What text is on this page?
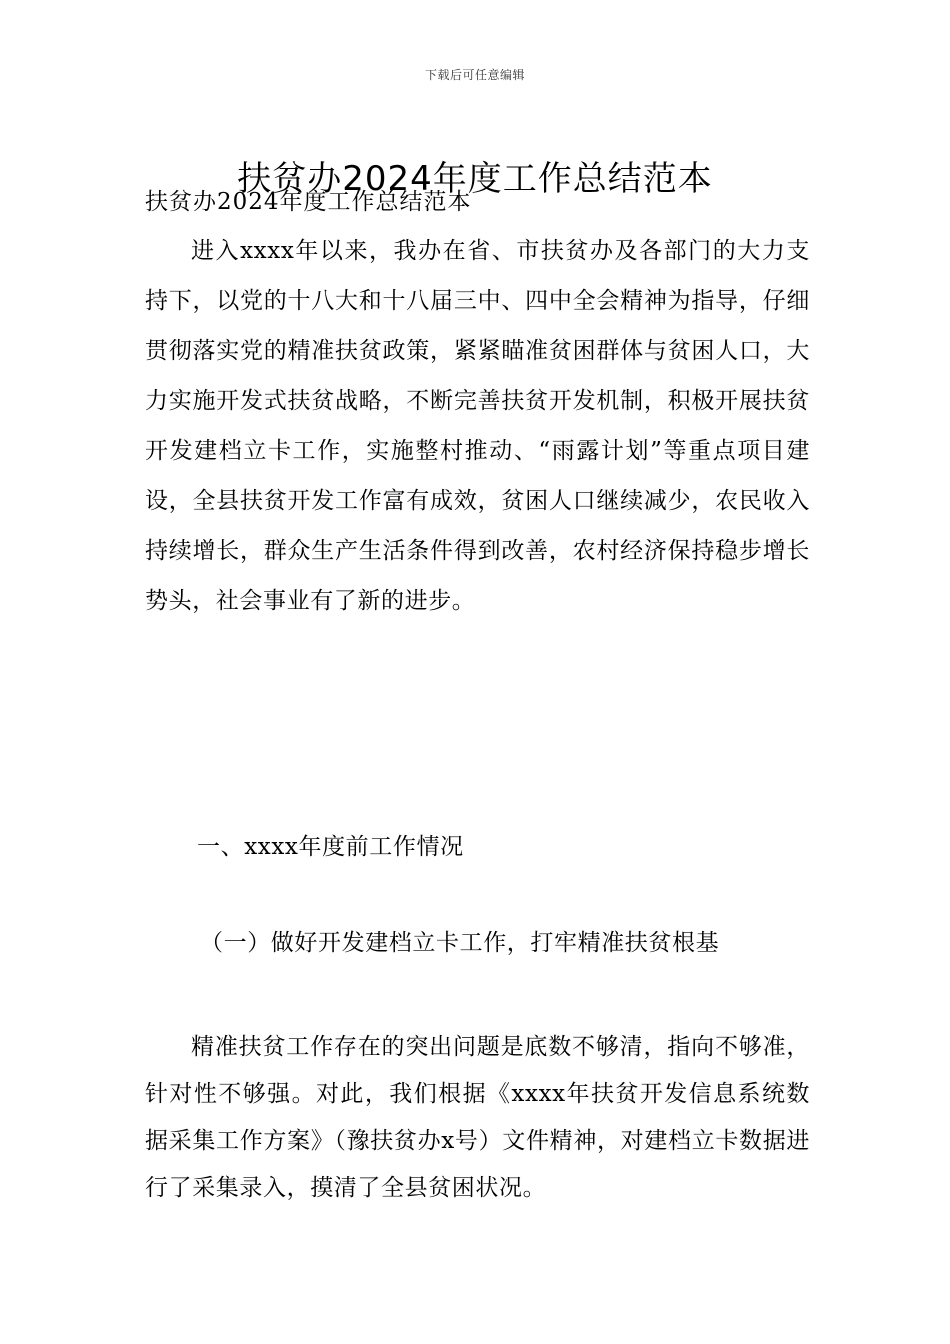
下载后可任意编辑
扶贫办2024年度工作总结范本
扶贫办2024年度工作总结范本

进入xxxx年以来，我办在省、市扶贫办及各部门的大力支持下，以党的十八大和十八届三中、四中全会精神为指导，仔细贯彻落实党的精准扶贫政策，紧紧瞄准贫困群体与贫困人口，大力实施开发式扶贫战略，不断完善扶贫开发机制，积极开展扶贫开发建档立卡工作，实施整村推动、“雨露计划”等重点项目建设，全县扶贫开发工作富有成效，贫困人口继续减少，农民收入持续增长，群众生产生活条件得到改善，农村经济保持稳步增长势头，社会事业有了新的进步。

一、xxxx年度前工作情况
（一）做好开发建档立卡工作，打牢精准扶贫根基

精准扶贫工作存在的突出问题是底数不够清，指向不够准，针对性不够强。对此，我们根据《xxxx年扶贫开发信息系统数据采集工作方案》（豫扶贫办x号）文件精神，对建档立卡数据进行了采集录入，摸清了全县贫困状况。
